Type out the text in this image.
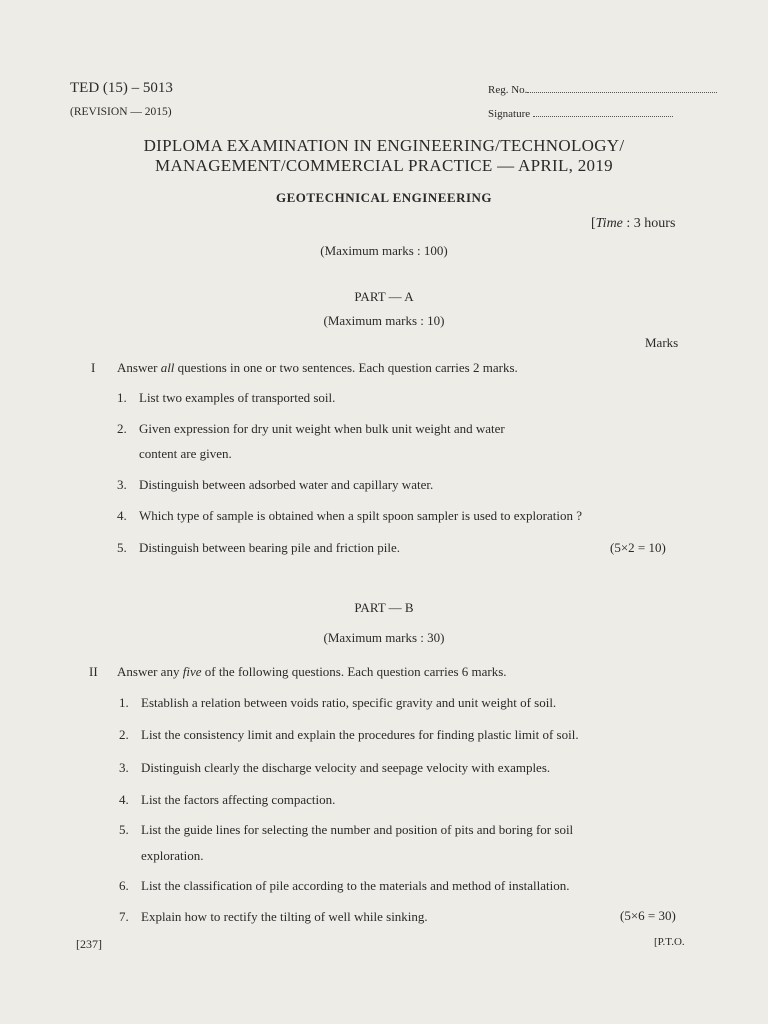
TED (15) – 5013
(REVISION — 2015)
Reg. No.
Signature
DIPLOMA EXAMINATION IN ENGINEERING/TECHNOLOGY/
MANAGEMENT/COMMERCIAL PRACTICE — APRIL, 2019
GEOTECHNICAL ENGINEERING
[Time : 3 hours
(Maximum marks : 100)
PART — A
(Maximum marks : 10)
Marks
I Answer all questions in one or two sentences. Each question carries 2 marks.
1. List two examples of transported soil.
2. Given expression for dry unit weight when bulk unit weight and water
content are given.
3. Distinguish between adsorbed water and capillary water.
4. Which type of sample is obtained when a spilt spoon sampler is used to exploration ?
5. Distinguish between bearing pile and friction pile.	(5×2 = 10)
PART — B
(Maximum marks : 30)
II Answer any five of the following questions. Each question carries 6 marks.
1. Establish a relation between voids ratio, specific gravity and unit weight of soil.
2. List the consistency limit and explain the procedures for finding plastic limit of soil.
3. Distinguish clearly the discharge velocity and seepage velocity with examples.
4. List the factors affecting compaction.
5. List the guide lines for selecting the number and position of pits and boring for soil
exploration.
6. List the classification of pile according to the materials and method of installation.
7. Explain how to rectify the tilting of well while sinking.	(5×6 = 30)
[237]	[P.T.O.
